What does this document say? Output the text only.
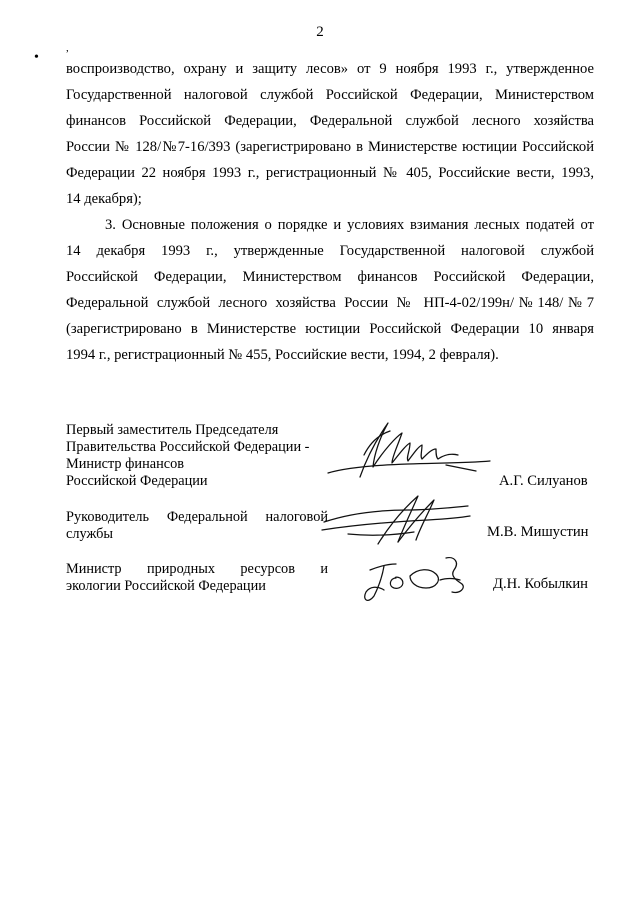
2
•
,
воспроизводство, охрану и защиту лесов» от 9 ноября 1993 г., утвержденное
Государственной налоговой службой Российской Федерации, Министерством
финансов Российской Федерации, Федеральной службой лесного хозяйства
России № 128/№7-16/393 (зарегистрировано в Министерстве юстиции Российской
Федерации 22 ноября 1993 г., регистрационный № 405, Российские вести, 1993,
14 декабря);
3. Основные положения о порядке и условиях взимания лесных податей от
14 декабря 1993 г., утвержденные Государственной налоговой службой
Российской Федерации, Министерством финансов Российской Федерации,
Федеральной службой лесного хозяйства России № НП-4-02/199н/№148/№7
(зарегистрировано в Министерстве юстиции Российской Федерации 10 января
1994 г., регистрационный № 455, Российские вести, 1994, 2 февраля).
Первый заместитель Председателя
Правительства Российской Федерации -
Министр финансов
Российской Федерации	А.Г. Силуанов
Руководитель Федеральной налоговой
службы	М.В. Мишустин
Министр природных ресурсов и
экологии Российской Федерации	Д.Н. Кобылкин
